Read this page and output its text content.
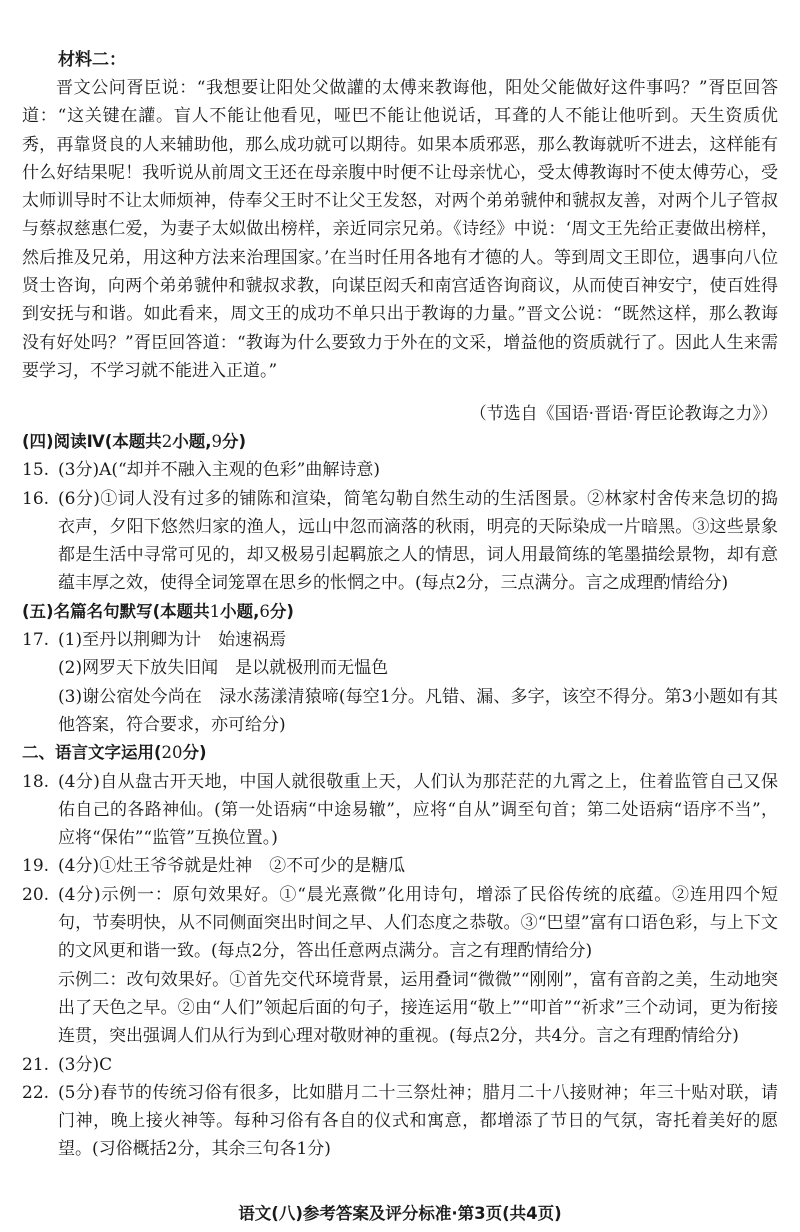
材料二：

晋文公问胥臣说：“我想要让阳处父做讙的太傅来教诲他，阳处父能做好这件事吗？”胥臣回答道：“这关键在讙。盲人不能让他看见，哑巴不能让他说话，耳聋的人不能让他听到。天生资质优秀，再靠贤良的人来辅助他，那么成功就可以期待。如果本质邪恶，那么教诲就听不进去，这样能有什么好结果呢！我听说从前周文王还在母亲腹中时便不让母亲忧心，受太傅教诲时不使太傅劳心，受太师训导时不让太师烦神，侍奉父王时不让父王发怒，对两个弟弟虢仲和虢叔友善，对两个儿子管叔与蔡叔慈惠仁爱，为妻子太姒做出榜样，亲近同宗兄弟。《诗经》中说：‘周文王先给正妻做出榜样，然后推及兄弟，用这种方法来治理国家。’在当时任用各地有才德的人。等到周文王即位，遇事向八位贤士咨询，向两个弟弟虢仲和虢叔求教，向谋臣闳夭和南宫适咨询商议，从而使百神安宁，使百姓得到安抚与和谐。如此看来，周文王的成功不单只出于教诲的力量。”晋文公说：“既然这样，那么教诲没有好处吗？”胥臣回答道：“教诲为什么要致力于外在的文采，增益他的资质就行了。因此人生来需要学习，不学习就不能进入正道。”

（节选自《国语·晋语·胥臣论教诲之力》）

(四)阅读Ⅳ(本题共2小题,9分)

15. (3分)A(“却并不融入主观的色彩”曲解诗意)

16. (6分)①词人没有过多的铺陈和渲染，简笔勾勒自然生动的生活图景。②林家村舍传来急切的捣衣声，夕阳下悠然归家的渔人，远山中忽而滴落的秋雨，明亮的天际染成一片暗黑。③这些景象都是生活中寻常可见的，却又极易引起羁旅之人的情思，词人用最简练的笔墨描绘景物，却有意蕴丰厚之效，使得全词笼罩在思乡的怅惘之中。(每点2分，三点满分。言之成理酌情给分)

(五)名篇名句默写(本题共1小题,6分)

17. (1)至丹以荆卿为计　始速祸焉

(2)网罗天下放失旧闻　是以就极刑而无愠色

(3)谢公宿处今尚在　渌水荡漾清猿啼(每空1分。凡错、漏、多字，该空不得分。第3小题如有其他答案，符合要求，亦可给分)

二、语言文字运用(20分)

18. (4分)自从盘古开天地，中国人就很敬重上天，人们认为那茫茫的九霄之上，住着监管自己又保佑自己的各路神仙。(第一处语病“中途易辙”，应将“自从”调至句首；第二处语病“语序不当”，应将“保佑”“监管”互换位置。)

19. (4分)①灶王爷爷就是灶神　②不可少的是糖瓜

20. (4分)示例一：原句效果好。①“晨光熹微”化用诗句，增添了民俗传统的底蕴。②连用四个短句，节奏明快，从不同侧面突出时间之早、人们态度之恭敬。③“巴望”富有口语色彩，与上下文的文风更和谐一致。(每点2分，答出任意两点满分。言之有理酌情给分)

示例二：改句效果好。①首先交代环境背景，运用叠词“微微”“刚刚”，富有音韵之美，生动地突出了天色之早。②由“人们”领起后面的句子，接连运用“敬上”“叩首”“祈求”三个动词，更为衔接连贯，突出强调人们从行为到心理对敬财神的重视。(每点2分，共4分。言之有理酌情给分)

21. (3分)C

22. (5分)春节的传统习俗有很多，比如腊月二十三祭灶神；腊月二十八接财神；年三十贴对联，请门神，晚上接火神等。每种习俗有各自的仪式和寓意，都增添了节日的气氛，寄托着美好的愿望。(习俗概括2分，其余三句各1分)

语文(八)参考答案及评分标准·第3页(共4页)
